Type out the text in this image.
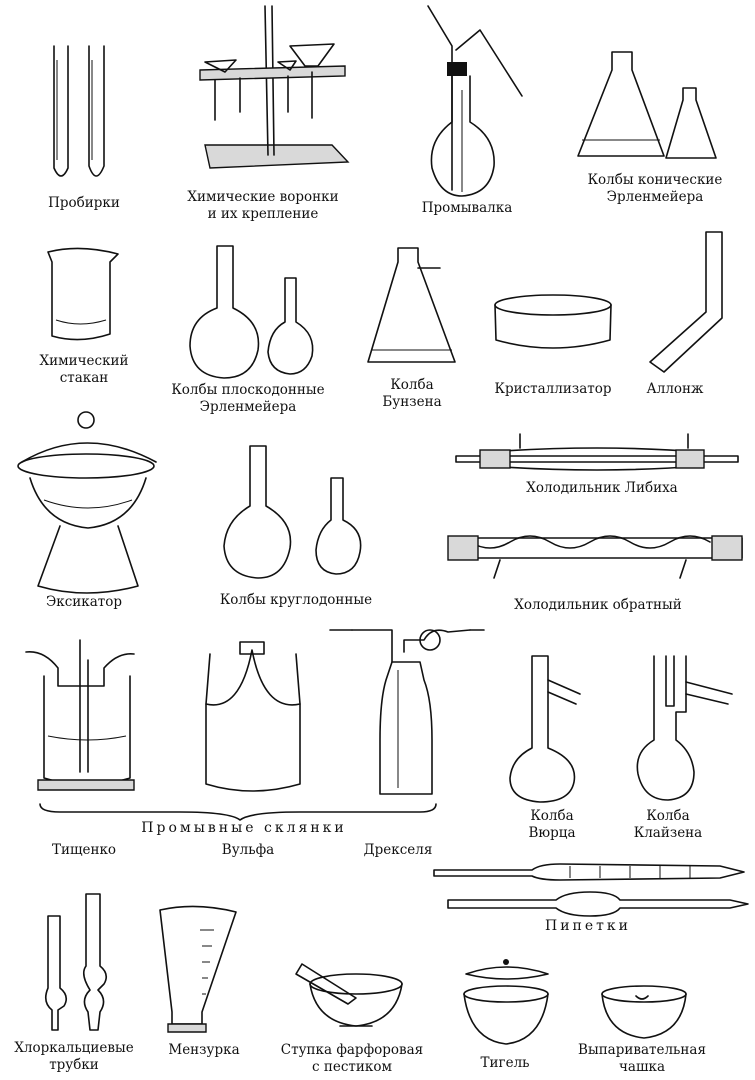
Пробирки	Химические воронки
и их крепление	Промывалка
Колбы конические
Эрленмейера
Химический
стакан
Колбы плоскодонные
Эрленмейера
Колба
Бунзена
Кристаллизатор	Аллонж
Холодильник Либиха
Эксикатор	Колбы круглодонные	Холодильник обратный
Колба
Вюрца
Колба
Клайзена
Промывные склянки
Тищенко	Вульфа	Дрекселя
Пипетки
Хлоркальциевые
трубки
Мензурка	Ступка фарфоровая
с пестиком	Тигель
Выпаривательная
чашка
